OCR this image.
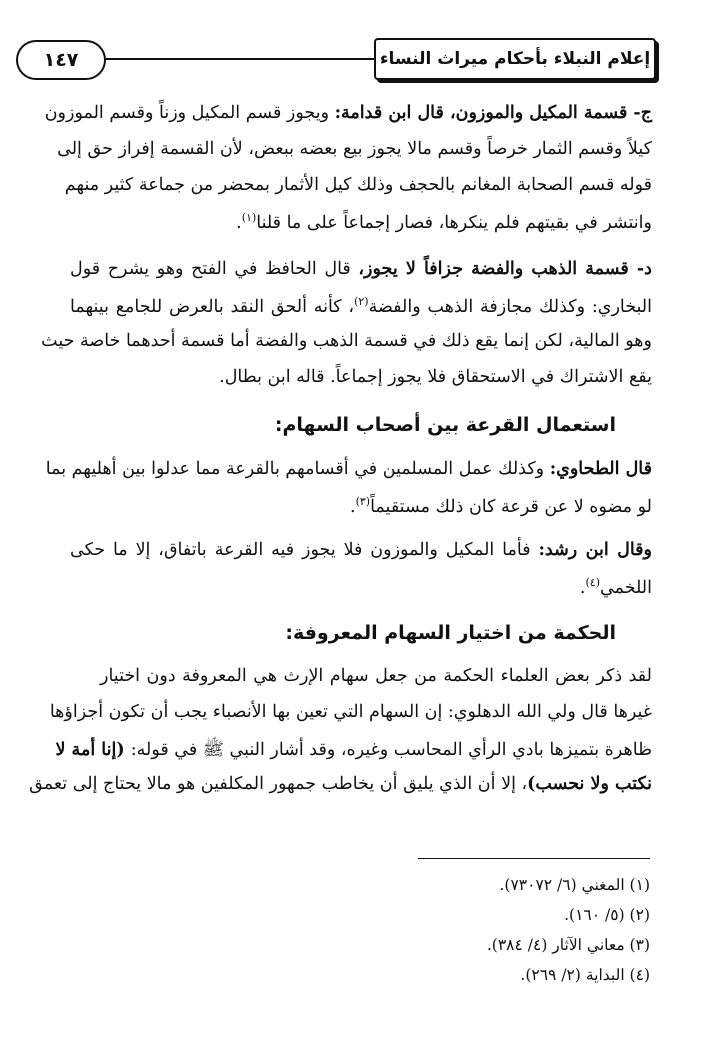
إعلام النبلاء بأحكام ميراث النساء
١٤٧
ج- قسمة المكيل والموزون، قال ابن قدامة: ويجوز قسم المكيل وزناً وقسم الموزون
كيلاً وقسم الثمار خرصاً وقسم مالا يجوز بيع بعضه ببعض، لأن القسمة إفراز حق إلى
قوله قسم الصحابة المغانم بالحجف وذلك كيل الأثمار بمحضر من جماعة كثير منهم
وانتشر في بقيتهم فلم ينكرها، فصار إجماعاً على ما قلنا$^{(١)}$.
د- قسمة الذهب والفضة جزافاً لا يجوز، قال الحافظ في الفتح وهو يشرح قول
البخاري: وكذلك مجازفة الذهب والفضة$^{(٢)}$، كأنه ألحق النقد بالعرض للجامع بينهما
وهو المالية، لكن إنما يقع ذلك في قسمة الذهب والفضة أما قسمة أحدهما خاصة حيث
يقع الاشتراك في الاستحقاق فلا يجوز إجماعاً. قاله ابن بطال.
استعمال القرعة بين أصحاب السهام:
قال الطحاوي: وكذلك عمل المسلمين في أقسامهم بالقرعة مما عدلوا بين أهليهم بما
لو مضوه لا عن قرعة كان ذلك مستقيماً$^{(٣)}$.
وقال ابن رشد: فأما المكيل والموزون فلا يجوز فيه القرعة باتفاق، إلا ما حكى
اللخمي$^{(٤)}$.
الحكمة من اختيار السهام المعروفة:
لقد ذكر بعض العلماء الحكمة من جعل سهام الإرث هي المعروفة دون اختيار
غيرها قال ولي الله الدهلوي: إن السهام التي تعين بها الأنصباء يجب أن تكون أجزاؤها
ظاهرة بتميزها بادي الرأي المحاسب وغيره، وقد أشار النبي ﷺ في قوله: (إنا أمة لا
نكتب ولا نحسب)، إلا أن الذي يليق أن يخاطب جمهور المكلفين هو مالا يحتاج إلى تعمق
(١) المغني (٦/ ٧٣٠٧٢).
(٢) (٥/ ١٦٠).
(٣) معاني الآثار (٤/ ٣٨٤).
(٤) البداية (٢/ ٢٦٩).
